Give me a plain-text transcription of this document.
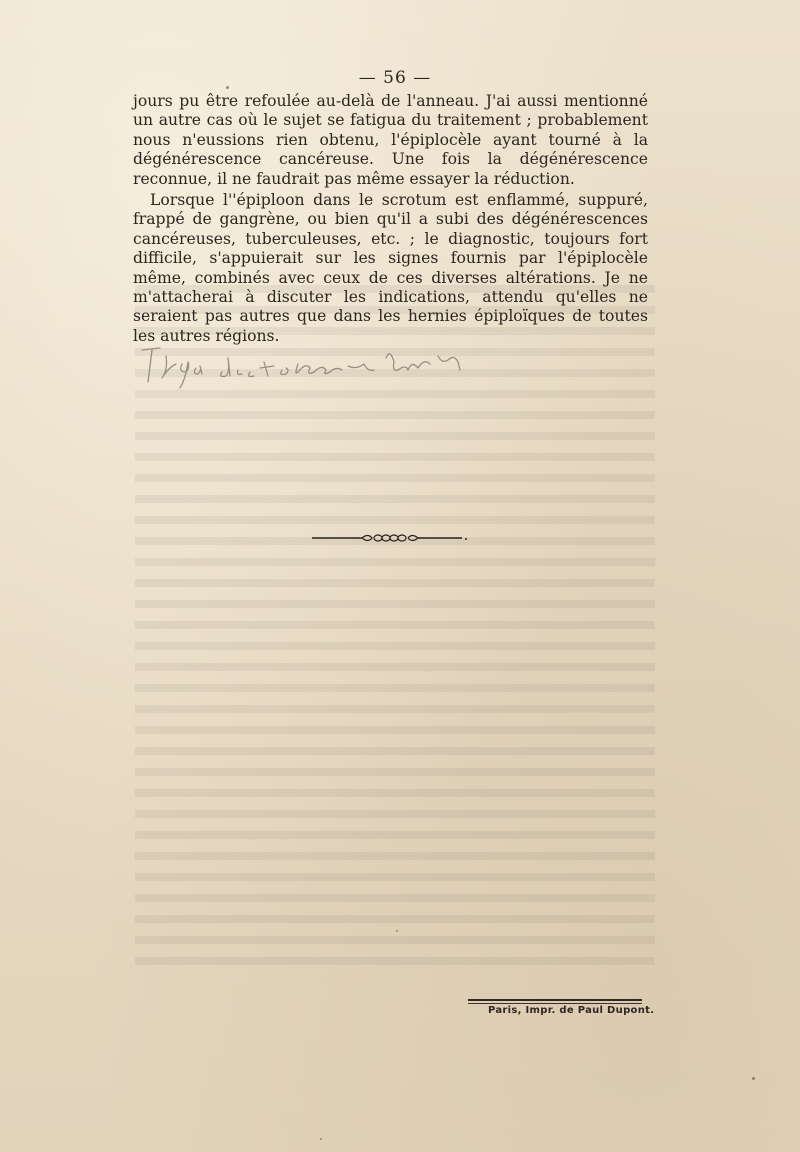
— 56 —

jours pu être refoulée au-delà de l'anneau. J'ai aussi mentionné un autre cas où le sujet se fatigua du traitement ; probablement nous n'eussions rien obtenu, l'épiplocèle ayant tourné à la dégénérescence cancéreuse. Une fois la dégénérescence reconnue, il ne faudrait pas même essayer la réduction.

Lorsque l''épiploon dans le scrotum est enflammé, suppuré, frappé de gangrène, ou bien qu'il a subi des dégénérescences cancéreuses, tuberculeuses, etc. ; le diagnostic, toujours fort difficile, s'appuierait sur les signes fournis par l'épiplocèle même, combinés avec ceux de ces diverses altérations. Je ne m'attacherai à discuter les indications, attendu qu'elles ne seraient pas autres que dans les hernies épiploïques de toutes les autres régions.

Paris, Impr. de Paul Dupont.
